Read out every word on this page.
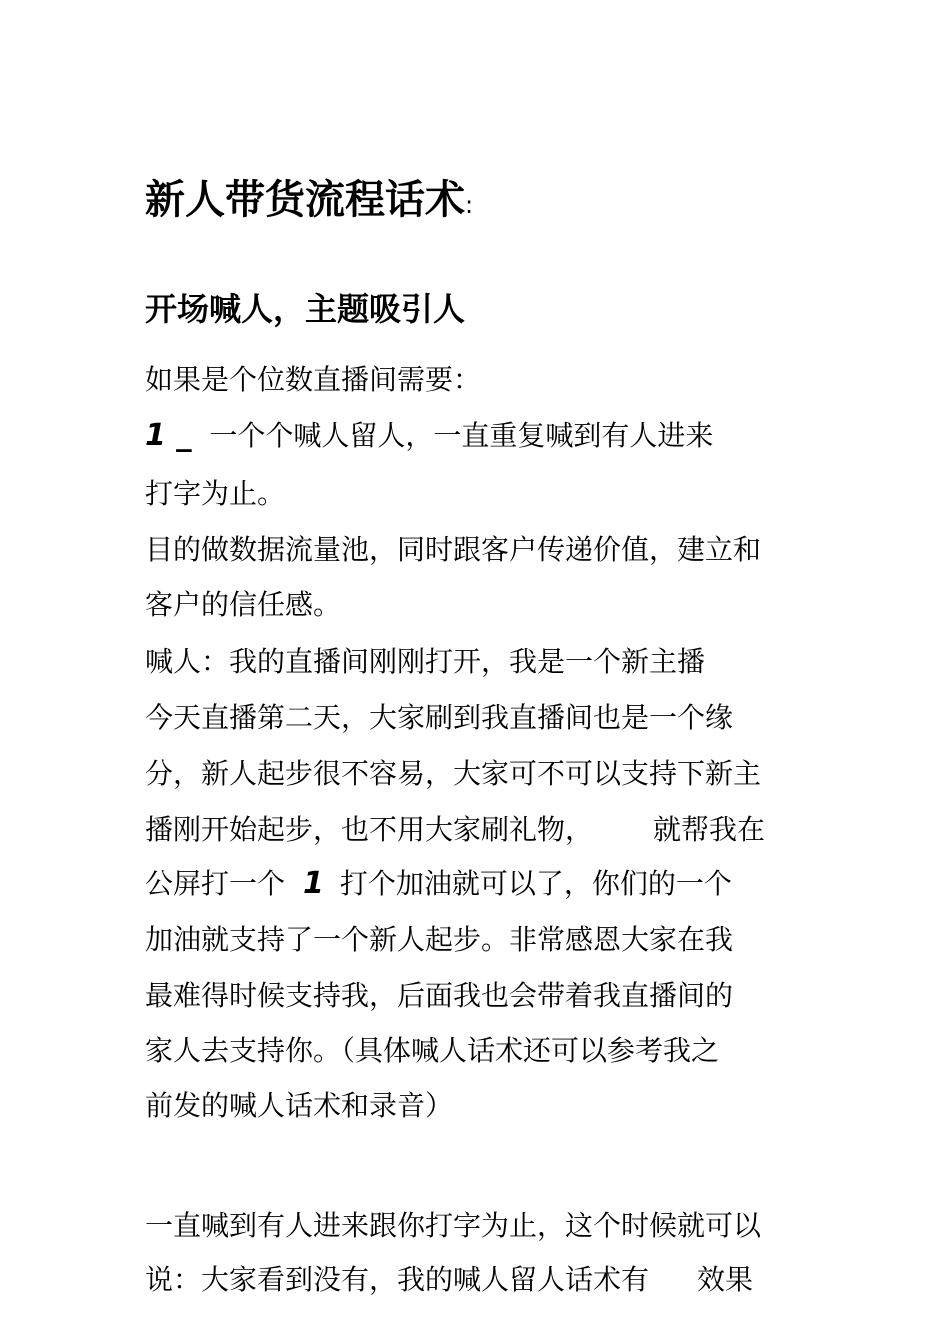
新人带货流程话术:
开场喊人，主题吸引人
如果是个位数直播间需要：
1 _ 一个个喊人留人，一直重复喊到有人进来
打字为止。
目的做数据流量池，同时跟客户传递价值，建立和
客户的信任感。
喊人：我的直播间刚刚打开，我是一个新主播
今天直播第二天，大家刷到我直播间也是一个缘
分，新人起步很不容易，大家可不可以支持下新主
播刚开始起步，也不用大家刷礼物， 就帮我在
公屏打一个 1 打个加油就可以了，你们的一个
加油就支持了一个新人起步。非常感恩大家在我
最难得时候支持我，后面我也会带着我直播间的
家人去支持你。（具体喊人话术还可以参考我之
前发的喊人话术和录音）
一直喊到有人进来跟你打字为止，这个时候就可以
说：大家看到没有，我的喊人留人话术有 效果
